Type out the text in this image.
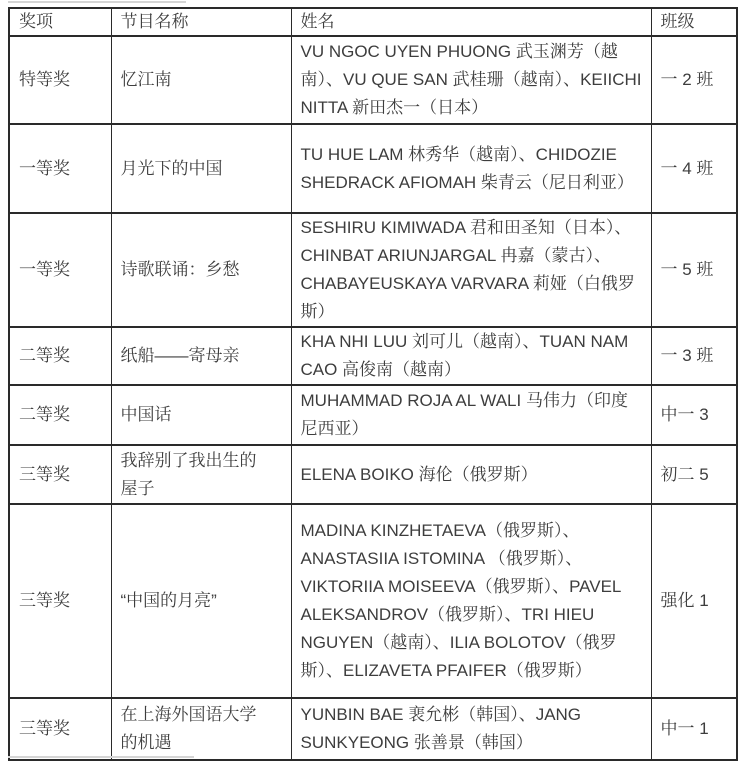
奖项	节目名称	姓名	班级
特等奖	忆江南	VU NGOC UYEN PHUONG 武玉渊芳（越南）、VU QUE SAN 武桂珊（越南）、KEIICHI NITTA 新田杰一（日本）	一 2 班
一等奖	月光下的中国	TU HUE LAM 林秀华（越南）、CHIDOZIE SHEDRACK AFIOMAH 柴青云（尼日利亚）	一 4 班
一等奖	诗歌联诵：乡愁	SESHIRU KIMIWADA 君和田圣知（日本）、CHINBAT ARIUNJARGAL 冉嘉（蒙古）、CHABAYEUSKAYA VARVARA 莉娅（白俄罗斯）	一 5 班
二等奖	纸船——寄母亲	KHA NHI LUU 刘可儿（越南）、TUAN NAM CAO 高俊南（越南）	一 3 班
二等奖	中国话	MUHAMMAD ROJA AL WALI 马伟力（印度尼西亚）	中一 3
三等奖	我辞别了我出生的屋子	ELENA BOIKO 海伦（俄罗斯）	初二 5
三等奖	“中国的月亮”	MADINA KINZHETAEVA（俄罗斯）、ANASTASIIA ISTOMINA （俄罗斯）、VIKTORIIA MOISEEVA（俄罗斯）、PAVEL ALEKSANDROV（俄罗斯）、TRI HIEU NGUYEN（越南）、ILIA BOLOTOV（俄罗斯）、ELIZAVETA PFAIFER（俄罗斯）	强化 1
三等奖	在上海外国语大学的机遇	YUNBIN BAE 裵允彬（韩国）、JANG SUNKYEONG 张善景（韩国）	中一 1
